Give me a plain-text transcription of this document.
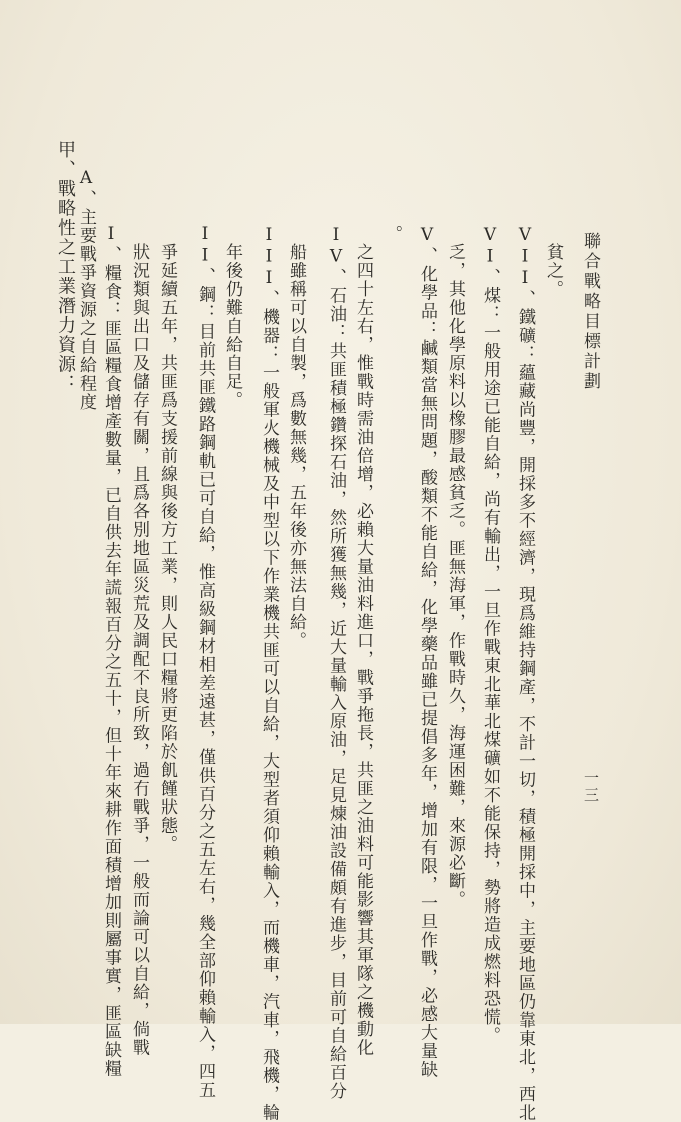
甲、戰略性之工業潛力資源： A、主要戰爭資源之自給程度 I、糧食：匪區糧食增產數量，已自供去年謊報百分之五十，但十年來耕作面積增加則屬事實，匪區缺糧 狀況類與出口及儲存有關，且爲各別地區災荒及調配不良所致，過冇戰爭，一般而論可以自給，倘戰 爭延續五年，共匪爲支援前線與後方工業，則人民口糧將更陷於飢饉狀態。 II、鋼：目前共匪鐵路鋼軌已可自給，惟高級鋼材相差遠甚，僅供百分之五左右，幾全部仰賴輸入，四五 年後仍難自給自足。 III、機器：一般軍火機械及中型以下作業機共匪可以自給，大型者須仰賴輸入，而機車，汽車，飛機，輪 船雖稱可以自製，爲數無幾，五年後亦無法自給。 IV、石油：共匪積極鑽探石油，然所獲無幾，近大量輸入原油，足見煉油設備頗有進步，目前可自給百分 之四十左右，惟戰時需油倍增，必賴大量油料進口，戰爭拖長，共匪之油料可能影響其軍隊之機動化
。 V、化學品：鹹類當無問題，酸類不能自給，化學藥品雖已提倡多年，增加有限，一旦作戰，必感大量缺 乏，其他化學原料以橡膠最感貧乏。匪無海軍，作戰時久，海運困難，來源必斷。 VI、煤：一般用途已能自給，尚有輸出，一旦作戰東北華北煤礦如不能保持，勢將造成燃料恐慌。 VII、鐵礦：蘊藏尚豐，開採多不經濟，現爲維持鋼產，不計一切，積極開採中，主要地區仍靠東北，西北 貧之。 聯合戰略目標計劃
一三
